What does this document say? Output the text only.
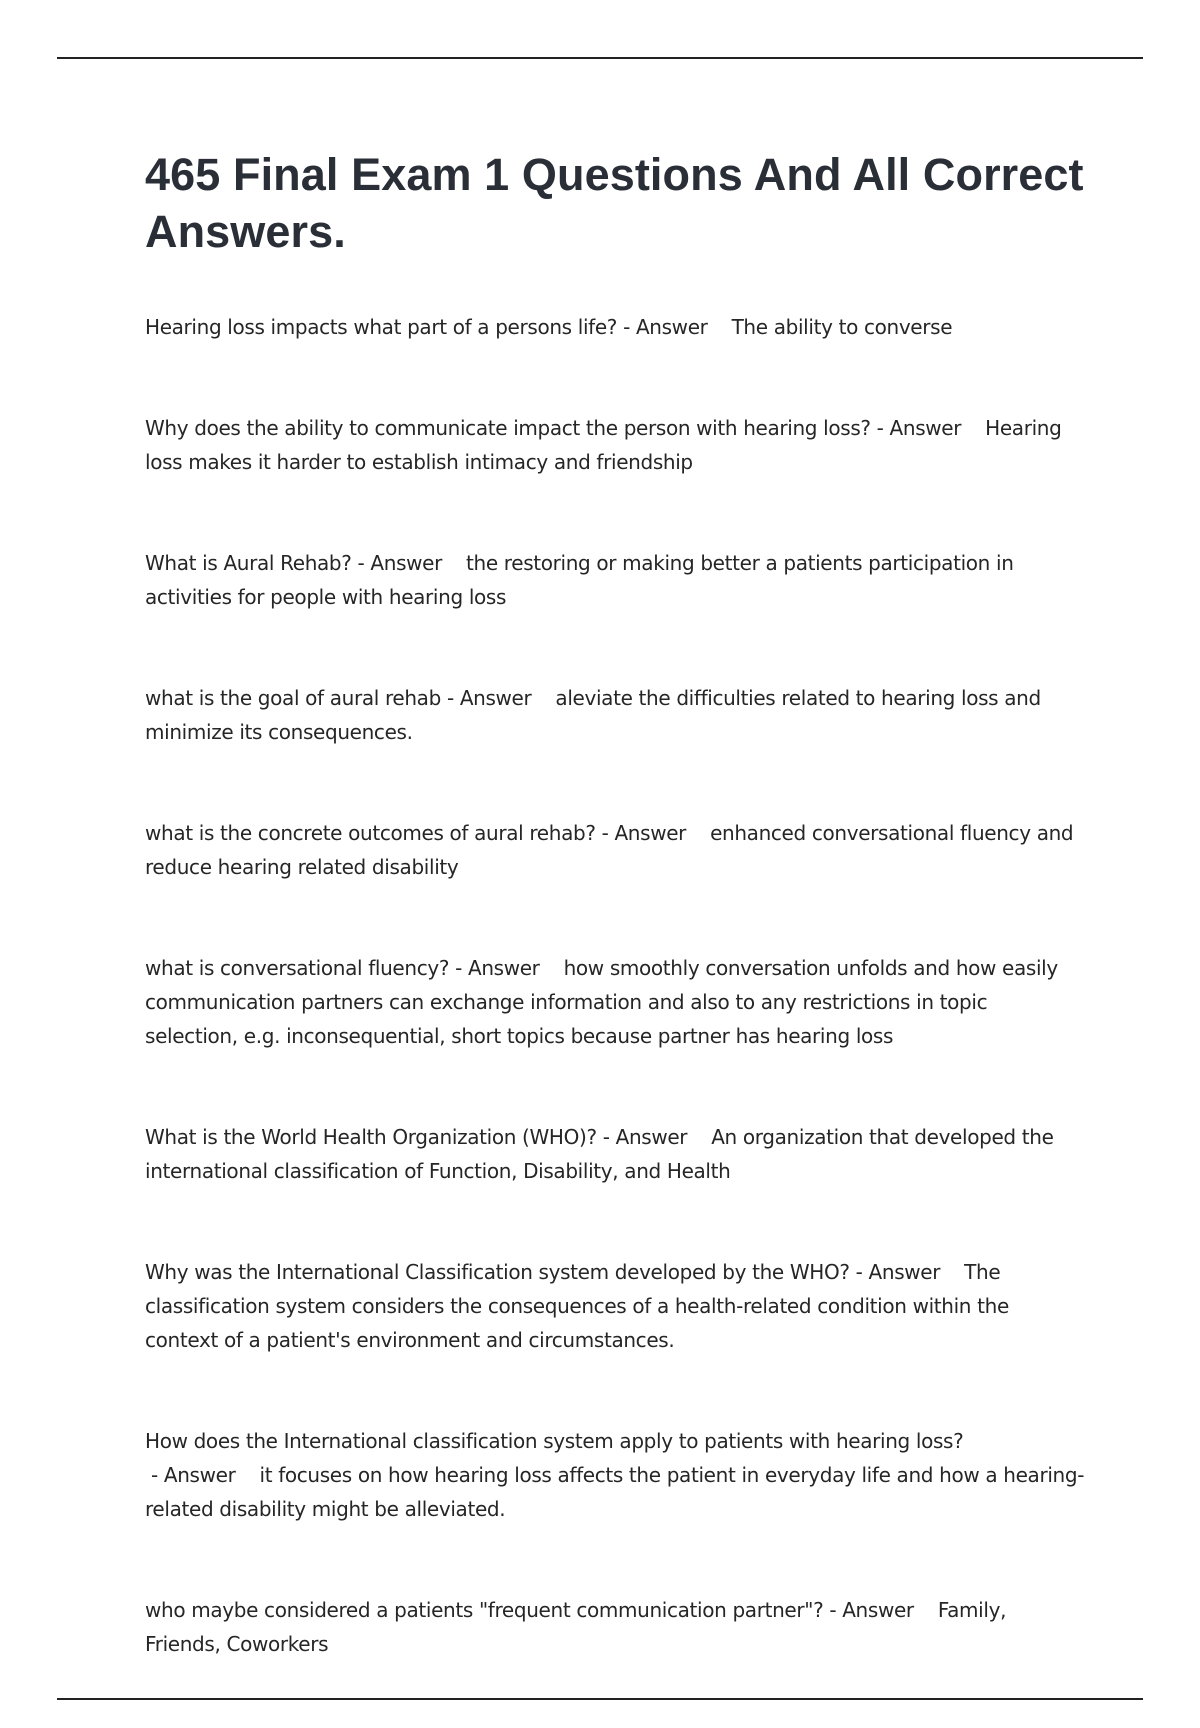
465 Final Exam 1 Questions And All Correct Answers.

Hearing loss impacts what part of a persons life? - Answer    The ability to converse

Why does the ability to communicate impact the person with hearing loss? - Answer    Hearing loss makes it harder to establish intimacy and friendship

What is Aural Rehab? - Answer    the restoring or making better a patients participation in activities for people with hearing loss

what is the goal of aural rehab - Answer    aleviate the difficulties related to hearing loss and minimize its consequences.

what is the concrete outcomes of aural rehab? - Answer    enhanced conversational fluency and reduce hearing related disability

what is conversational fluency? - Answer    how smoothly conversation unfolds and how easily communication partners can exchange information and also to any restrictions in topic selection, e.g. inconsequential, short topics because partner has hearing loss

What is the World Health Organization (WHO)? - Answer    An organization that developed the international classification of Function, Disability, and Health

Why was the International Classification system developed by the WHO? - Answer    The classification system considers the consequences of a health-related condition within the context of a patient's environment and circumstances.

How does the International classification system apply to patients with hearing loss? - Answer    it focuses on how hearing loss affects the patient in everyday life and how a hearing-related disability might be alleviated.

who maybe considered a patients "frequent communication partner"? - Answer    Family, Friends, Coworkers
